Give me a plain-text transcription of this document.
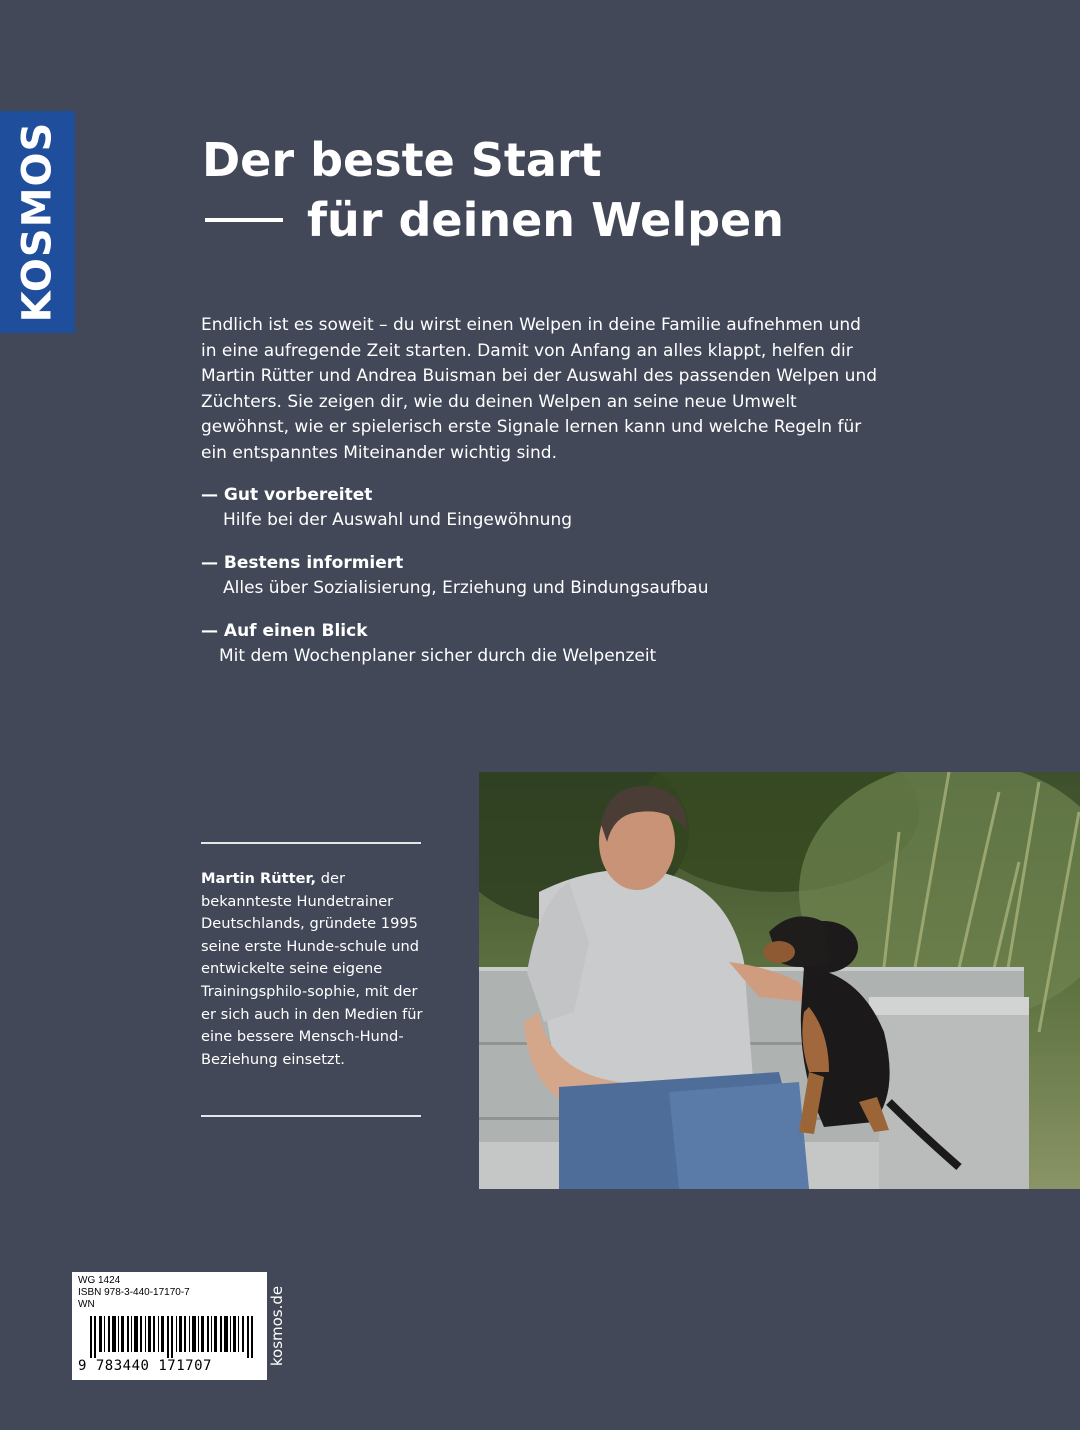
KOSMOS	Der beste Start
für deinen Welpen

Endlich ist es soweit – du wirst einen Welpen in deine Familie aufnehmen und in eine aufregende Zeit starten. Damit von Anfang an alles klappt, helfen dir Martin Rütter und Andrea Buisman bei der Auswahl des passenden Welpen und Züchters. Sie zeigen dir, wie du deinen Welpen an seine neue Umwelt gewöhnst, wie er spielerisch erste Signale lernen kann und welche Regeln für ein entspanntes Miteinander wichtig sind.

— Gut vorbereitet
Hilfe bei der Auswahl und Eingewöhnung
— Bestens informiert
Alles über Sozialisierung, Erziehung und Bindungsaufbau
— Auf einen Blick
Mit dem Wochenplaner sicher durch die Welpenzeit

Martin Rütter, der bekannteste Hundetrainer Deutschlands, gründete 1995 seine erste Hunde-schule und entwickelte seine eigene Trainingsphilo-sophie, mit der er sich auch in den Medien für eine bessere Mensch-Hund-Beziehung einsetzt.

WG 1424
ISBN 978-3-440-17170-7
WN
9 783440 171707	kosmos.de
